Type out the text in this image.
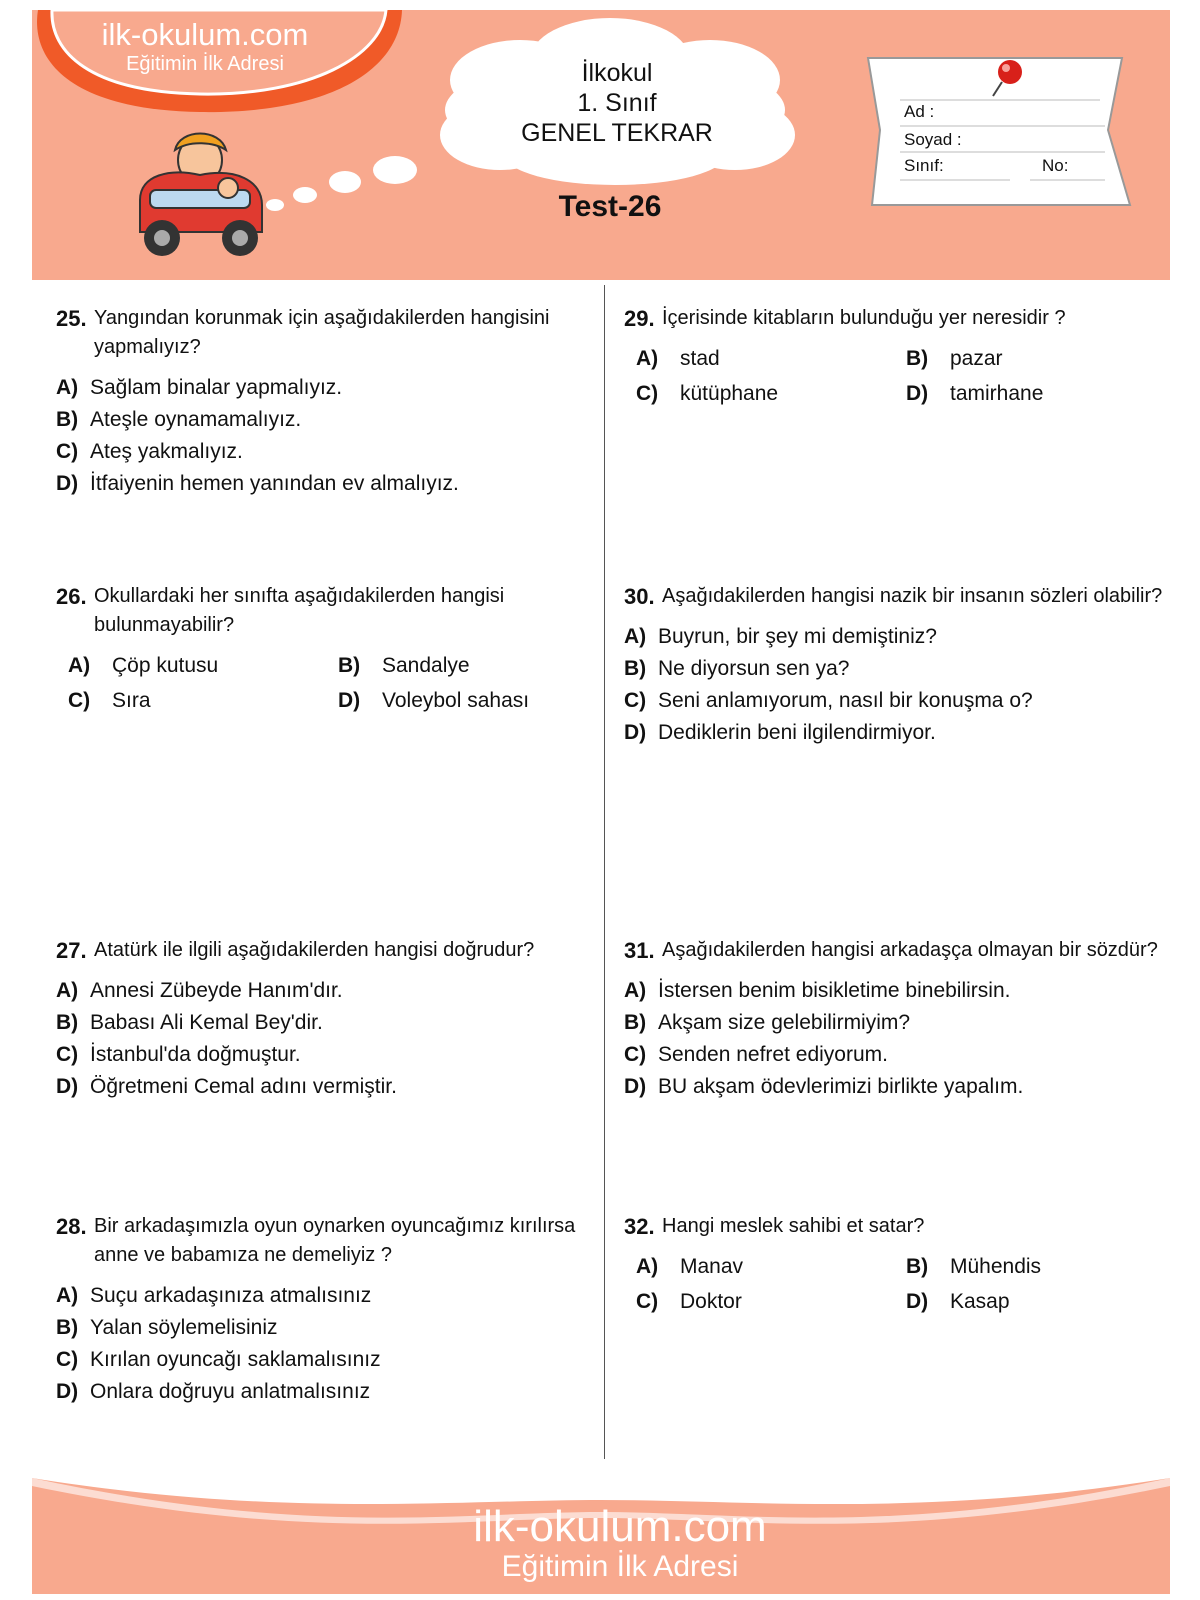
ilk-okulum.com
Eğitimin İlk Adresi	İlkokul
1. Sınıf
GENEL TEKRAR
Test-26
Ad :
Soyad :
Sınıf:	No:
25. Yangından korunmak için aşağıdakilerden hangisini yapmalıyız?
A) Sağlam binalar yapmalıyız.
B) Ateşle oynamamalıyız.
C) Ateş yakmalıyız.
D) İtfaiyenin hemen yanından ev almalıyız.
26. Okullardaki her sınıfta aşağıdakilerden hangisi bulunmayabilir?
A) Çöp kutusu	B) Sandalye
C) Sıra	D) Voleybol sahası
27. Atatürk ile ilgili aşağıdakilerden hangisi doğrudur?
A) Annesi Zübeyde Hanım'dır.
B) Babası Ali Kemal Bey'dir.
C) İstanbul'da doğmuştur.
D) Öğretmeni Cemal adını vermiştir.
28. Bir arkadaşımızla oyun oynarken oyuncağımız kırılırsa anne ve babamıza ne demeliyiz ?
A) Suçu arkadaşınıza atmalısınız
B) Yalan söylemelisiniz
C) Kırılan oyuncağı saklamalısınız
D) Onlara doğruyu anlatmalısınız
29. İçerisinde kitabların bulunduğu yer neresidir ?
A) stad	B) pazar
C) kütüphane	D) tamirhane
30. Aşağıdakilerden hangisi nazik bir insanın sözleri olabilir?
A) Buyrun, bir şey mi demiştiniz?
B) Ne diyorsun sen ya?
C) Seni anlamıyorum, nasıl bir konuşma o?
D) Dediklerin beni ilgilendirmiyor.
31. Aşağıdakilerden hangisi arkadaşça olmayan bir sözdür?
A) İstersen benim bisikletime binebilirsin.
B) Akşam size gelebilirmiyim?
C) Senden nefret ediyorum.
D) BU akşam ödevlerimizi birlikte yapalım.
32. Hangi meslek sahibi et satar?
A) Manav	B) Mühendis
C) Doktor	D) Kasap
ilk-okulum.com
Eğitimin İlk Adresi
